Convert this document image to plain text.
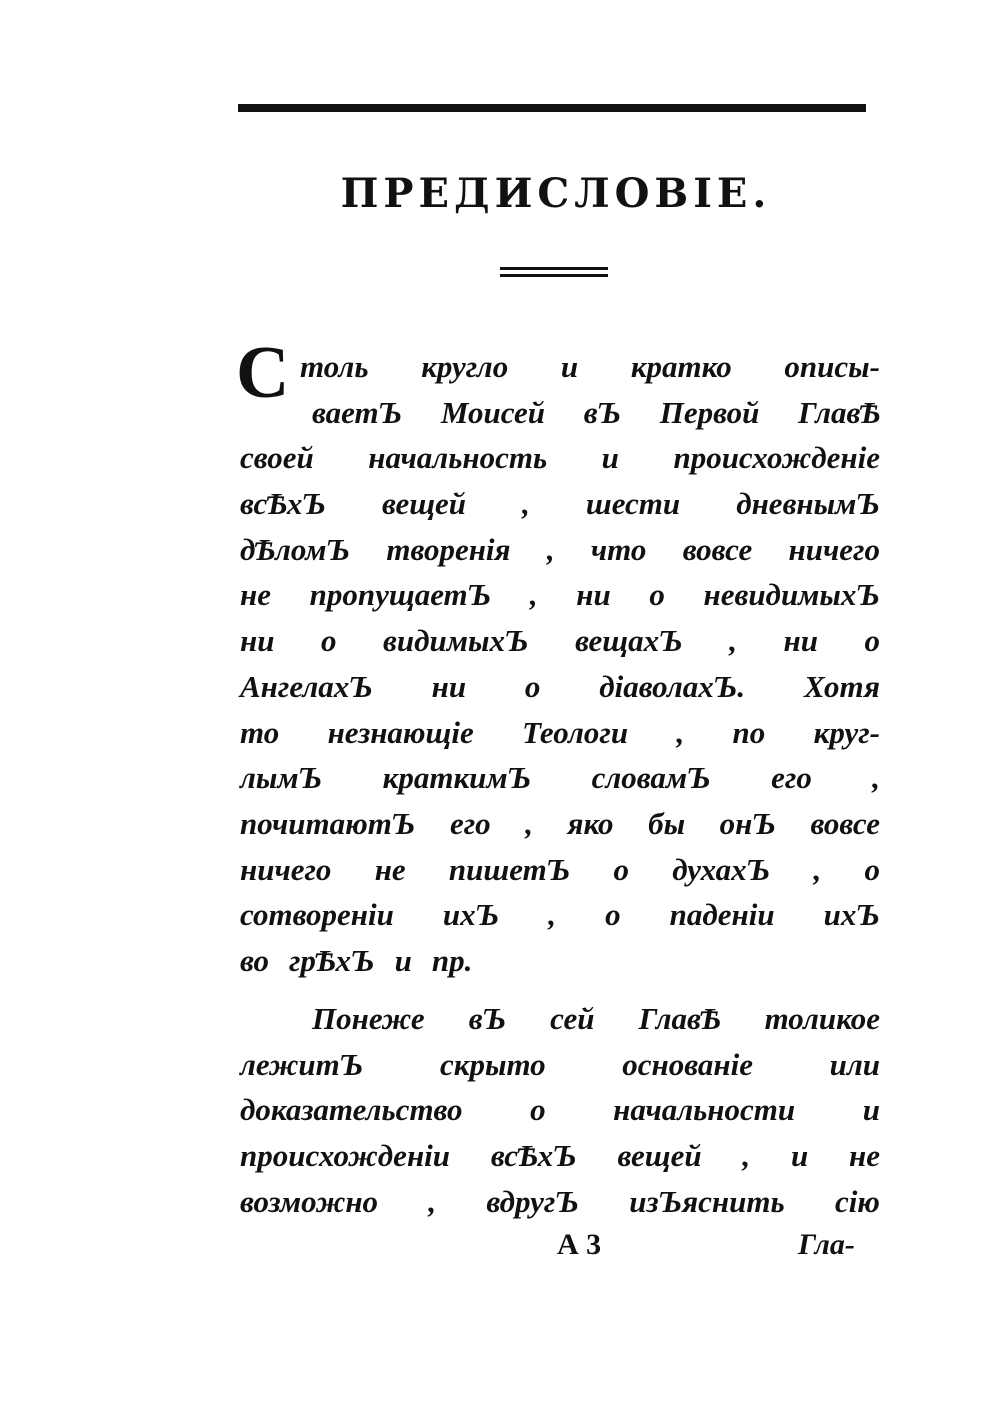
ПРЕДИСЛОВІЕ.
С толь кругло и кратко описы-
ваетЪ Моисей вЪ Первой ГлавѢ
своей начальность и происхожденіе
всѢхЪ вещей , шести дневнымЪ
дѢломЪ творенія , что вовсе ничего
не пропущаетЪ , ни о невидимыхЪ
ни о видимыхЪ вещахЪ , ни о
АнгелахЪ ни о діаволахЪ. Хотя
то незнающіе Теологи , по круг-
лымЪ краткимЪ словамЪ его ,
почитаютЪ его , яко бы онЪ вовсе
ничего не пишетЪ о духахЪ , о
сотвореніи ихЪ , о паденіи ихЪ
во грѢхЪ и пр.
Понеже вЪ сей ГлавѢ толикое
лежитЪ скрыто основаніе или
доказательство о начальности и
происхожденіи всѢхЪ вещей , и не
возможно , вдругЪ изЪяснить сію
А 3	Гла-
